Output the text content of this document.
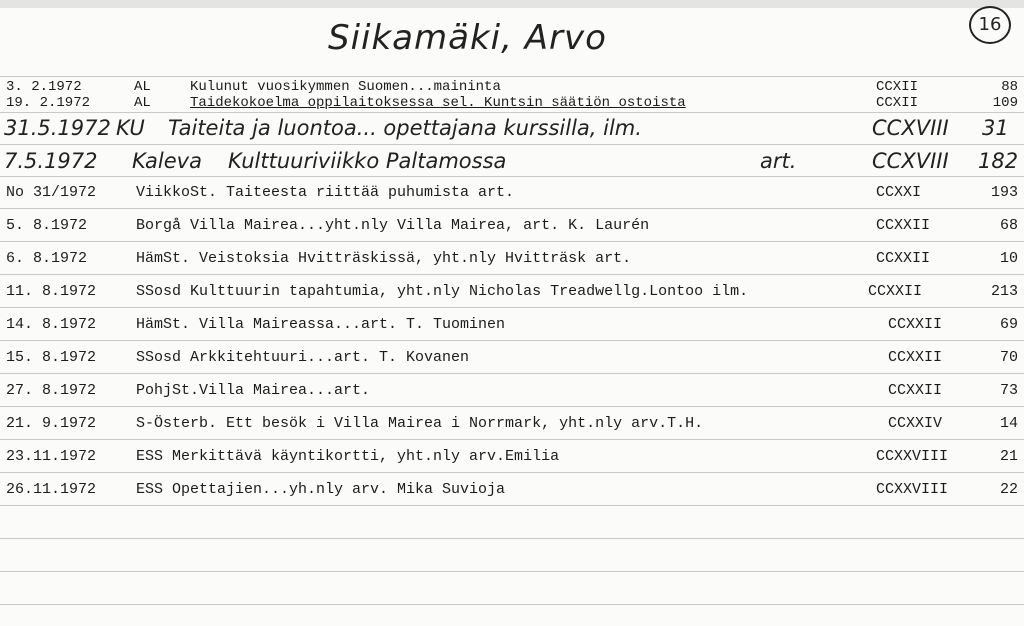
Siikamäki, Arvo	16
3. 2.1972	AL	Kulunut vuosikymmen Suomen...maininta	CCXII	88
19. 2.1972	AL	Taidekokoelma oppilaitoksessa sel. Kuntsin säätiön ostoista	CCXII	109
31.5.1972 KU Taiteita ja luontoa... opettajana kurssilla, ilm.	CCXVIII 31
7.5.1972 Kaleva Kulttuuriviikko Paltamossa	art.	CCXVIII 182
No 31/1972	ViikkoSt. Taiteesta riittää puhumista art.	CCXXI	193
5. 8.1972	Borgå Villa Mairea...yht.nly Villa Mairea, art. K. Laurén	CCXXII	68
6. 8.1972	HämSt. Veistoksia Hvitträskissä, yht.nly Hvitträsk art.	CCXXII	10
11. 8.1972	SSosd Kulttuurin tapahtumia, yht.nly Nicholas Treadwellg.Lontoo ilm.	CCXXII	213
14. 8.1972	HämSt. Villa Maireassa...art. T. Tuominen	CCXXII	69
15. 8.1972	SSosd Arkkitehtuuri...art. T. Kovanen	CCXXII	70
27. 8.1972	PohjSt.Villa Mairea...art.	CCXXII	73
21. 9.1972	S-Österb. Ett besök i Villa Mairea i Norrmark, yht.nly arv.T.H.	CCXXIV	14
23.11.1972	ESS Merkittävä käyntikortti, yht.nly arv.Emilia	CCXXVIII	21
26.11.1972	ESS Opettajien...yh.nly arv. Mika Suvioja	CCXXVIII	22
